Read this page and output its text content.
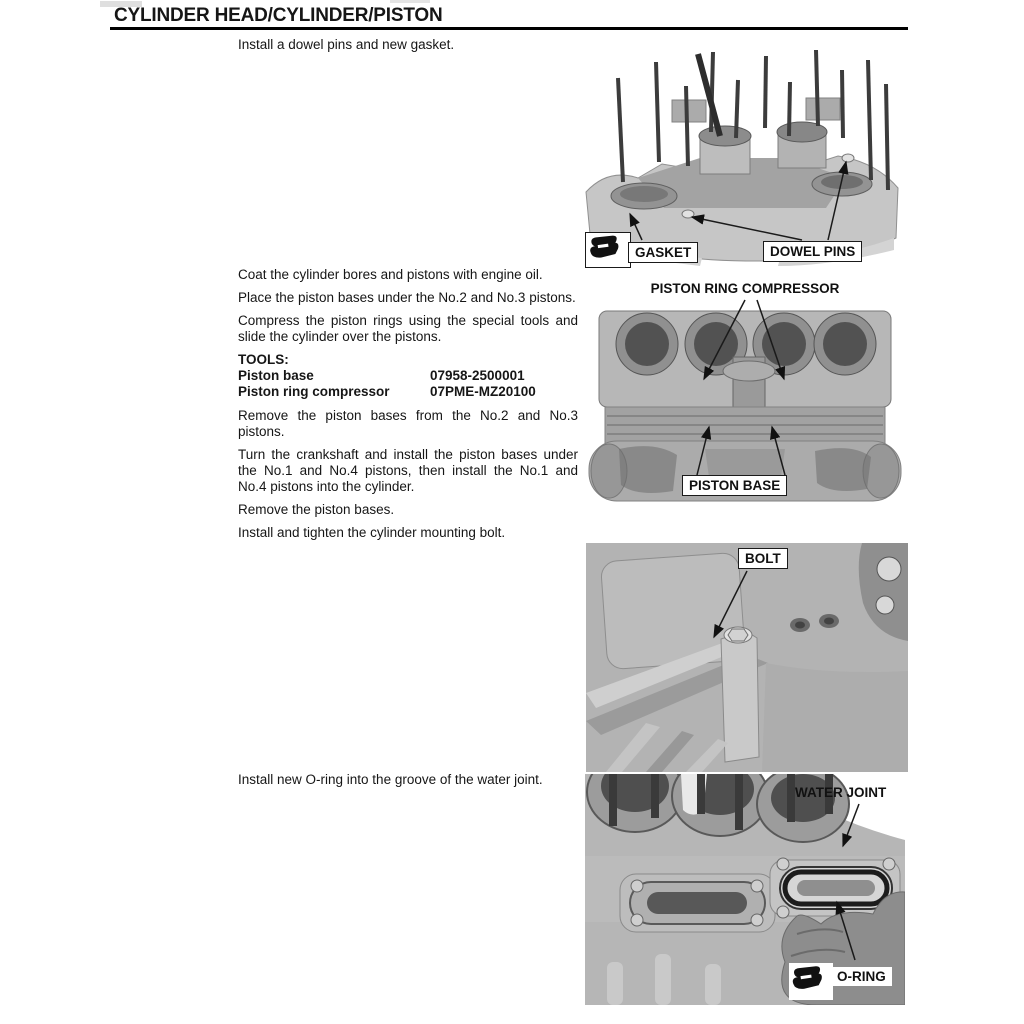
CYLINDER HEAD/CYLINDER/PISTON

Install a dowel pins and new gasket.

Coat the cylinder bores and pistons with engine oil.

Place the piston bases under the No.2 and No.3 pistons.

Compress the piston rings using the special tools and slide the cylinder over the pistons.

TOOLS:
Piston base	07958-2500001
Piston ring compressor	07PME-MZ20100

Remove the piston bases from the No.2 and No.3 pistons.

Turn the crankshaft and install the piston bases under the No.1 and No.4 pistons, then install the No.1 and No.4 pistons into the cylinder.

Remove the piston bases.

Install and tighten the cylinder mounting bolt.

Install new O-ring into the groove of the water joint.

GASKET	DOWEL PINS
PISTON RING COMPRESSOR
PISTON BASE
BOLT
WATER JOINT
O-RING
